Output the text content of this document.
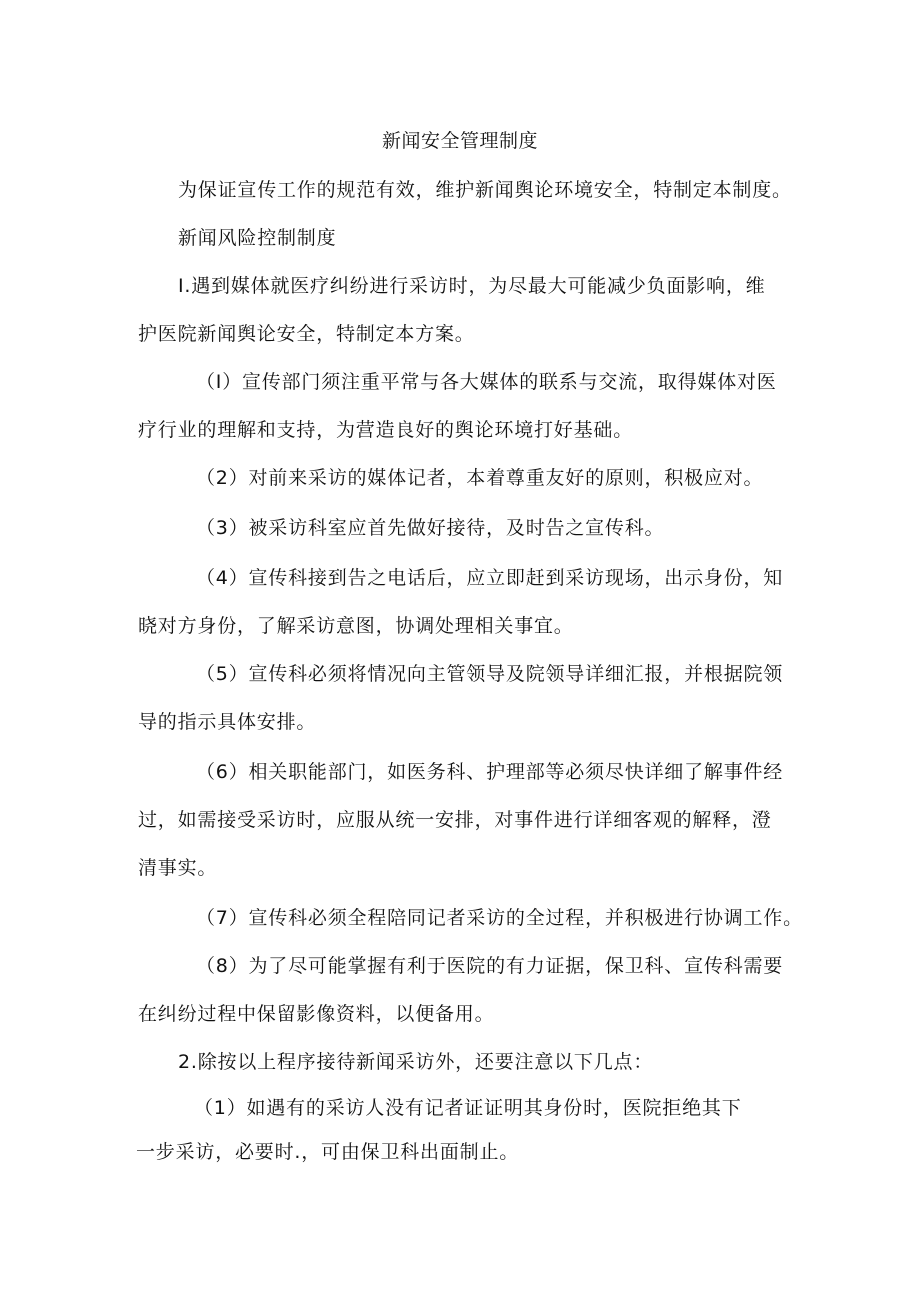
新闻安全管理制度

为保证宣传工作的规范有效，维护新闻舆论环境安全，特制定本制度。

新闻风险控制制度

I.遇到媒体就医疗纠纷进行采访时，为尽最大可能减少负面影响，维

护医院新闻舆论安全，特制定本方案。

（I）宣传部门须注重平常与各大媒体的联系与交流，取得媒体对医

疗行业的理解和支持，为营造良好的舆论环境打好基础。

（2）对前来采访的媒体记者，本着尊重友好的原则，积极应对。

（3）被采访科室应首先做好接待，及时告之宣传科。

（4）宣传科接到告之电话后，应立即赶到采访现场，出示身份，知

晓对方身份，了解采访意图，协调处理相关事宜。

（5）宣传科必须将情况向主管领导及院领导详细汇报，并根据院领

导的指示具体安排。

（6）相关职能部门，如医务科、护理部等必须尽快详细了解事件经

过，如需接受采访时，应服从统一安排，对事件进行详细客观的解释，澄

清事实。

（7）宣传科必须全程陪同记者采访的全过程，并积极进行协调工作。

（8）为了尽可能掌握有利于医院的有力证据，保卫科、宣传科需要

在纠纷过程中保留影像资料，以便备用。

2.除按以上程序接待新闻采访外，还要注意以下几点：

（1）如遇有的采访人没有记者证证明其身份时，医院拒绝其下

一步采访，必要时.，可由保卫科出面制止。
